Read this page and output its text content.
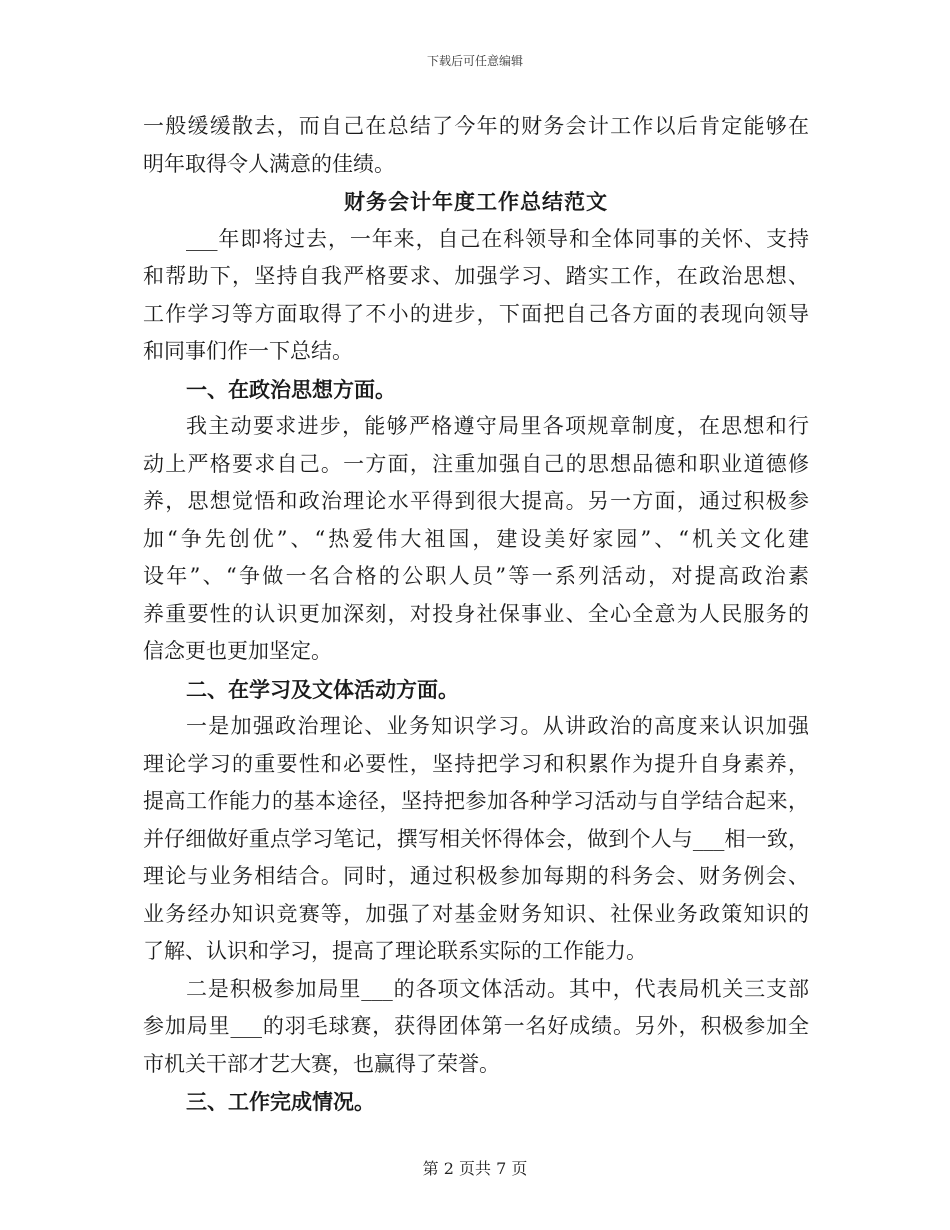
下载后可任意编辑
一般缓缓散去，而自己在总结了今年的财务会计工作以后肯定能够在
明年取得令人满意的佳绩。
财务会计年度工作总结范文
___年即将过去，一年来，自己在科领导和全体同事的关怀、支持
和帮助下，坚持自我严格要求、加强学习、踏实工作，在政治思想、
工作学习等方面取得了不小的进步，下面把自己各方面的表现向领导
和同事们作一下总结。
一、在政治思想方面。
我主动要求进步，能够严格遵守局里各项规章制度，在思想和行
动上严格要求自己。一方面，注重加强自己的思想品德和职业道德修
养，思想觉悟和政治理论水平得到很大提高。另一方面，通过积极参
加“争先创优”、“热爱伟大祖国，建设美好家园”、“机关文化建
设年”、“争做一名合格的公职人员”等一系列活动，对提高政治素
养重要性的认识更加深刻，对投身社保事业、全心全意为人民服务的
信念更也更加坚定。
二、在学习及文体活动方面。
一是加强政治理论、业务知识学习。从讲政治的高度来认识加强
理论学习的重要性和必要性，坚持把学习和积累作为提升自身素养，
提高工作能力的基本途径，坚持把参加各种学习活动与自学结合起来，
并仔细做好重点学习笔记，撰写相关怀得体会，做到个人与___相一致，
理论与业务相结合。同时，通过积极参加每期的科务会、财务例会、
业务经办知识竞赛等，加强了对基金财务知识、社保业务政策知识的
了解、认识和学习，提高了理论联系实际的工作能力。
二是积极参加局里___的各项文体活动。其中，代表局机关三支部
参加局里___的羽毛球赛，获得团体第一名好成绩。另外，积极参加全
市机关干部才艺大赛，也赢得了荣誉。
三、工作完成情况。
第 2 页共 7 页
